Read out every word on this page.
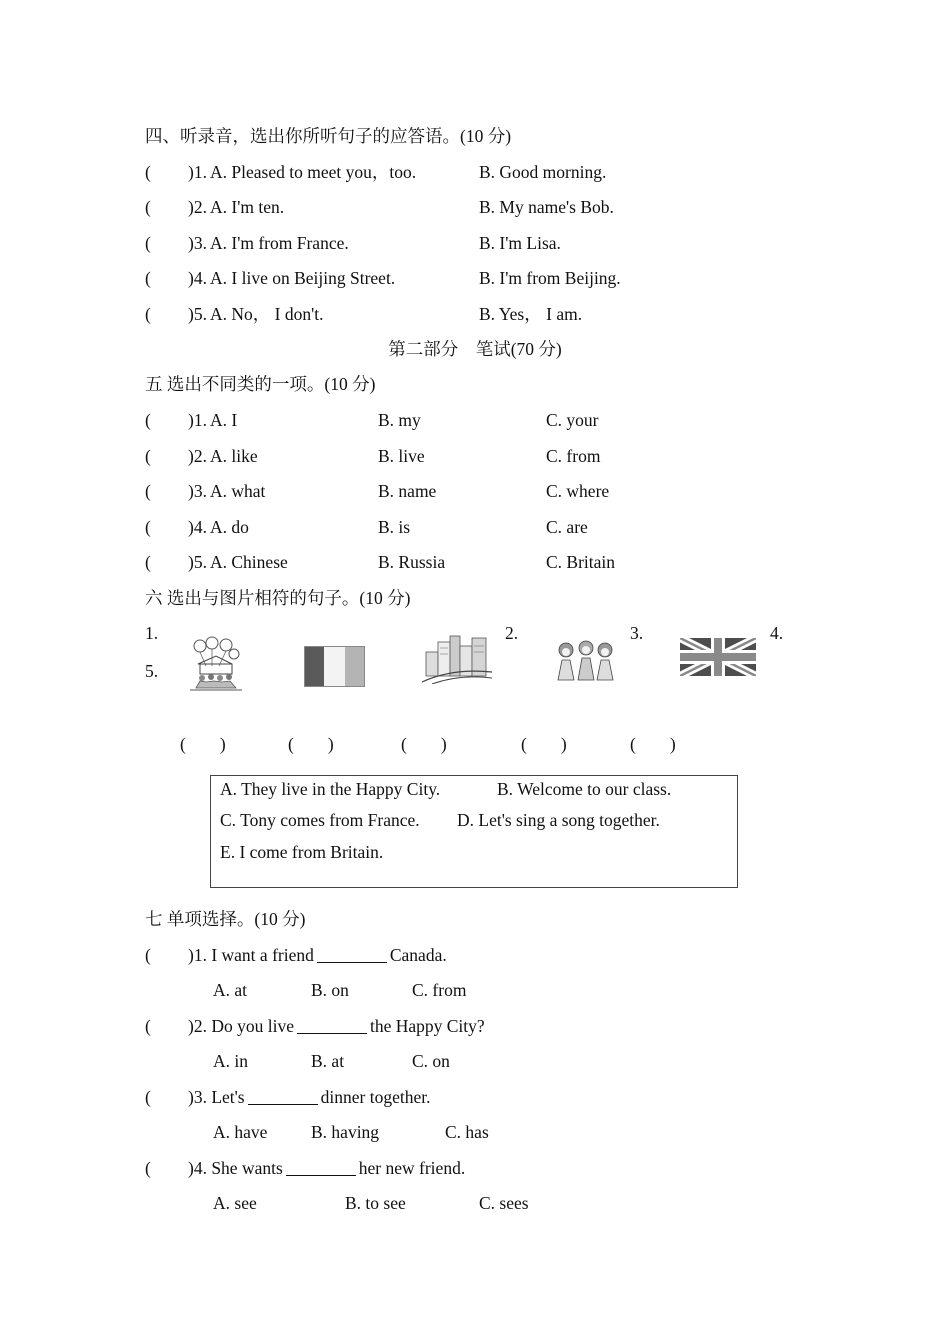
四、听录音，选出你所听句子的应答语。(10 分)
( )1. A. Pleased to meet you，too.	B. Good morning.
( )2. A. I'm ten.	B. My name's Bob.
( )3. A. I'm from France.	B. I'm Lisa.
( )4. A. I live on Beijing Street.	B. I'm from Beijing.
( )5. A. No， I don't.	B. Yes， I am.
第二部分　笔试(70 分)
五 选出不同类的一项。(10 分)
( )1. A. I	B. my	C. your
( )2. A. like	B. live	C. from
( )3. A. what	B. name	C. where
( )4. A. do	B. is	C. are
( )5. A. Chinese	B. Russia	C. Britain
六 选出与图片相符的句子。(10 分)
1.	2.	3.	4.
5.
( )	( )	( )	( )	( )
A. They live in the Happy City.	B. Welcome to our class.
C. Tony comes from France. D. Let's sing a song together.
E. I come from Britain.
七 单项选择。(10 分)
( )1. I want a friend	Canada.
A. at	B. on	C. from
( )2. Do you live	the Happy City?
A. in	B. at	C. on
( )3. Let's	dinner together.
A. have B. having	C. has
( )4. She wants	her new friend.
A. see	B. to see	C. sees
